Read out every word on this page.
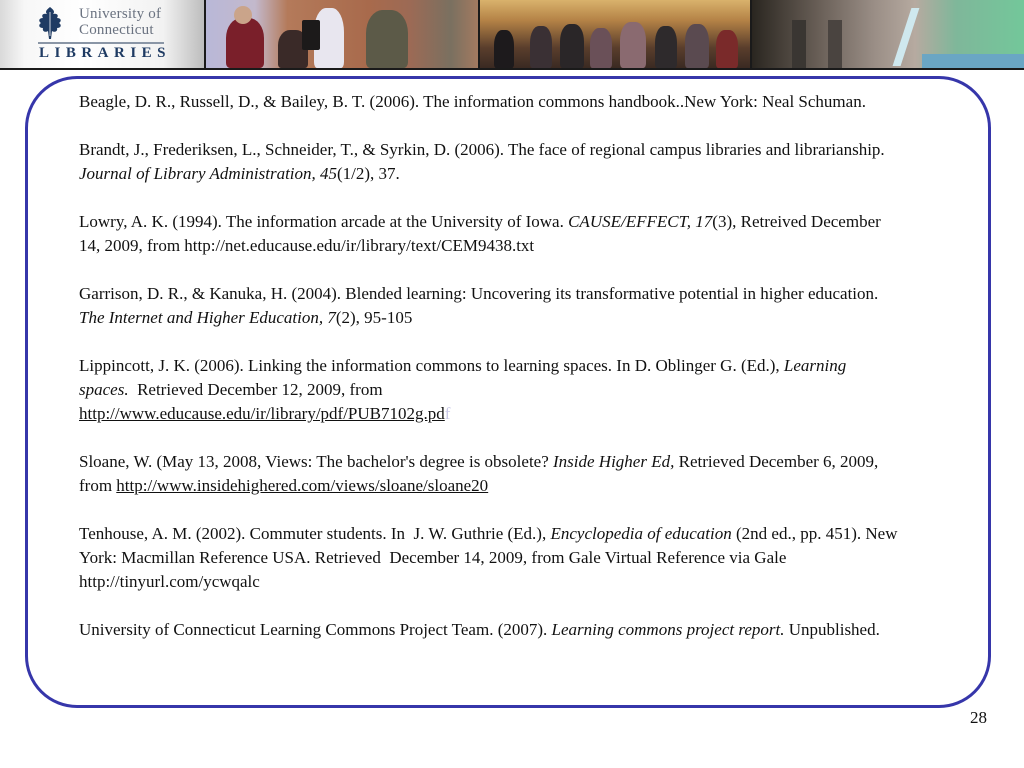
University of
Connecticut
LIBRARIES

Beagle, D. R., Russell, D., & Bailey, B. T. (2006). The information commons handbook..New York: Neal Schuman.

Brandt, J., Frederiksen, L., Schneider, T., & Syrkin, D. (2006). The face of regional campus libraries and librarianship. Journal of Library Administration, 45(1/2), 37.

Lowry, A. K. (1994). The information arcade at the University of Iowa. CAUSE/EFFECT, 17(3), Retreived December 14, 2009, from http://net.educause.edu/ir/library/text/CEM9438.txt

Garrison, D. R., & Kanuka, H. (2004). Blended learning: Uncovering its transformative potential in higher education. The Internet and Higher Education, 7(2), 95-105

Lippincott, J. K. (2006). Linking the information commons to learning spaces. In D. Oblinger G. (Ed.), Learning spaces.  Retrieved December 12, 2009, from
http://www.educause.edu/ir/library/pdf/PUB7102g.pdf

Sloane, W. (May 13, 2008, Views: The bachelor's degree is obsolete? Inside Higher Ed, Retrieved December 6, 2009, from http://www.insidehighered.com/views/sloane/sloane20

Tenhouse, A. M. (2002). Commuter students. In  J. W. Guthrie (Ed.), Encyclopedia of education (2nd ed., pp. 451). New York: Macmillan Reference USA. Retrieved  December 14, 2009, from Gale Virtual Reference via Gale http://tinyurl.com/ycwqalc

University of Connecticut Learning Commons Project Team. (2007). Learning commons project report. Unpublished.

28
